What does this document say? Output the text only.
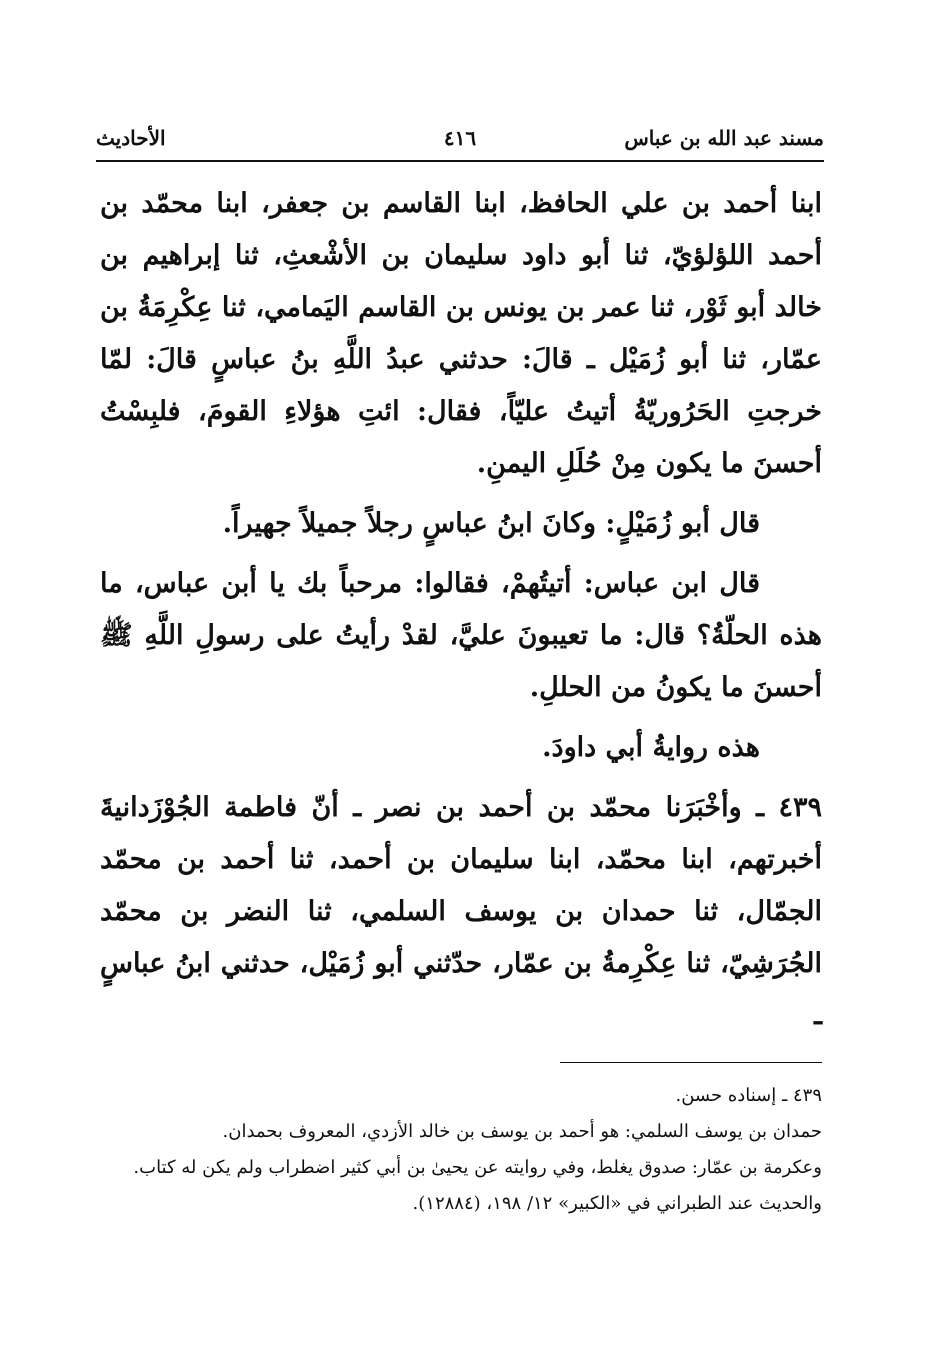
مسند عبد الله بن عباس
٤١٦
الأحاديث

ابنا أحمد بن علي الحافظ، ابنا القاسم بن جعفر، ابنا محمّد بن أحمد اللؤلؤيّ، ثنا أبو داود سليمان بن الأشْعثِ، ثنا إبراهيم بن خالد أبو ثَوْر، ثنا عمر بن يونس بن القاسم اليَمامي، ثنا عِكْرِمَةُ بن عمّار، ثنا أبو زُمَيْل ـ قالَ: حدثني عبدُ اللَّهِ بنُ عباسٍ قالَ: لمّا خرجتِ الحَرُوريّةُ أتيتُ عليّاً، فقال: ائتِ هؤلاءِ القومَ، فلبِسْتُ أحسنَ ما يكون مِنْ حُلَلِ اليمنِ.

قال أبو زُمَيْلٍ: وكانَ ابنُ عباسٍ رجلاً جميلاً جهيراً.

قال ابن عباس: أتيتُهمْ، فقالوا: مرحباً بك يا أبن عباس، ما هذه الحلّةُ؟ قال: ما تعيبونَ عليَّ، لقدْ رأيتُ على رسولِ اللَّهِ ﷺ أحسنَ ما يكونُ من الحللِ.

هذه روايةُ أبي داودَ.

٤٣٩ ـ وأخْبَرَنا محمّد بن أحمد بن نصر ـ أنّ فاطمة الجُوْزَدانيةَ أخبرتهم، ابنا محمّد، ابنا سليمان بن أحمد، ثنا أحمد بن محمّد الجمّال، ثنا حمدان بن يوسف السلمي، ثنا النضر بن محمّد الجُرَشِيّ، ثنا عِكْرِمةُ بن عمّار، حدّثني أبو زُمَيْل، حدثني ابنُ عباسٍ ـ

٤٣٩ ـ إسناده حسن.

حمدان بن يوسف السلمي: هو أحمد بن يوسف بن خالد الأزدي، المعروف بحمدان.

وعكرمة بن عمّار: صدوق يغلط، وفي روايته عن يحيىٰ بن أبي كثير اضطراب ولم يكن له كتاب.

والحديث عند الطبراني في «الكبير» ١٢/ ١٩٨، (١٢٨٨٤).
